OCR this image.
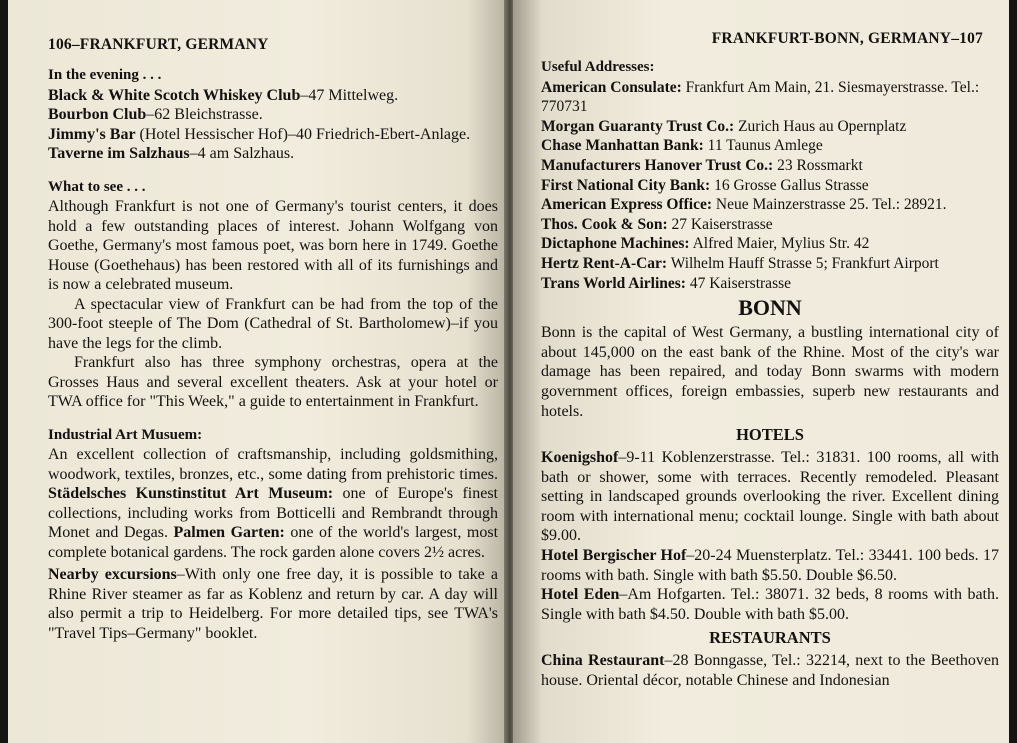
106–FRANKFURT, GERMANY

In the evening . . .

Black & White Scotch Whiskey Club–47 Mittelweg.

Bourbon Club–62 Bleichstrasse.

Jimmy's Bar (Hotel Hessischer Hof)–40 Friedrich-Ebert-Anlage.

Taverne im Salzhaus–4 am Salzhaus.

What to see . . .

Although Frankfurt is not one of Germany's tourist centers, it does hold a few outstanding places of interest. Johann Wolfgang von Goethe, Germany's most famous poet, was born here in 1749. Goethe House (Goethehaus) has been restored with all of its furnishings and is now a celebrated museum.

A spectacular view of Frankfurt can be had from the top of the 300-foot steeple of The Dom (Cathedral of St. Bartholomew)–if you have the legs for the climb.

Frankfurt also has three symphony orchestras, opera at the Grosses Haus and several excellent theaters. Ask at your hotel or TWA office for "This Week," a guide to entertainment in Frankfurt.

Industrial Art Musuem:

An excellent collection of craftsmanship, including goldsmithing, woodwork, textiles, bronzes, etc., some dating from prehistoric times. Städelsches Kunstinstitut Art Museum: one of Europe's finest collections, including works from Botticelli and Rembrandt through Monet and Degas. Palmen Garten: one of the world's largest, most complete botanical gardens. The rock garden alone covers 2½ acres.

Nearby excursions–With only one free day, it is possible to take a Rhine River steamer as far as Koblenz and return by car. A day will also permit a trip to Heidelberg. For more detailed tips, see TWA's "Travel Tips–Germany" booklet.

FRANKFURT-BONN, GERMANY–107

Useful Addresses:

American Consulate: Frankfurt Am Main, 21. Siesmayerstrasse. Tel.: 770731

Morgan Guaranty Trust Co.: Zurich Haus au Opernplatz

Chase Manhattan Bank: 11 Taunus Amlege

Manufacturers Hanover Trust Co.: 23 Rossmarkt

First National City Bank: 16 Grosse Gallus Strasse

American Express Office: Neue Mainzerstrasse 25. Tel.: 28921.

Thos. Cook & Son: 27 Kaiserstrasse

Dictaphone Machines: Alfred Maier, Mylius Str. 42

Hertz Rent-A-Car: Wilhelm Hauff Strasse 5; Frankfurt Airport

Trans World Airlines: 47 Kaiserstrasse

BONN

Bonn is the capital of West Germany, a bustling international city of about 145,000 on the east bank of the Rhine. Most of the city's war damage has been repaired, and today Bonn swarms with modern government offices, foreign embassies, superb new restaurants and hotels.

HOTELS

Koenigshof–9-11 Koblenzerstrasse. Tel.: 31831. 100 rooms, all with bath or shower, some with terraces. Recently remodeled. Pleasant setting in landscaped grounds overlooking the river. Excellent dining room with international menu; cocktail lounge. Single with bath about $9.00.

Hotel Bergischer Hof–20-24 Muensterplatz. Tel.: 33441. 100 beds. 17 rooms with bath. Single with bath $5.50. Double $6.50.

Hotel Eden–Am Hofgarten. Tel.: 38071. 32 beds, 8 rooms with bath. Single with bath $4.50. Double with bath $5.00.

RESTAURANTS

China Restaurant–28 Bonngasse, Tel.: 32214, next to the Beethoven house. Oriental décor, notable Chinese and Indonesian
